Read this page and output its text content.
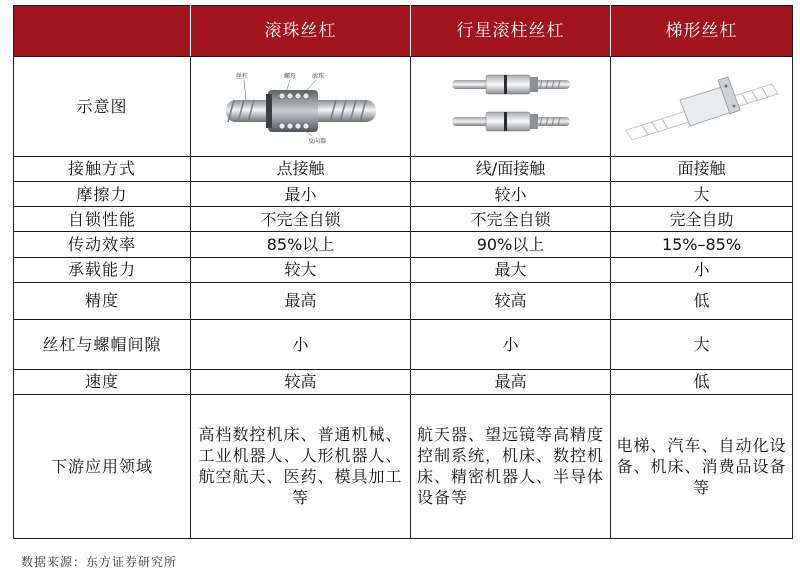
	滚珠丝杠	行星滚柱丝杠	梯形丝杠
示意图	丝杠 螺母 滚珠
反向器

接触方式	点接触	线/面接触	面接触
摩擦力	最小	较小	大
自锁性能	不完全自锁	不完全自锁	完全自助
传动效率	85%以上	90%以上	15%–85%
承载能力	较大	最大	小
精度	最高	较高	低
丝杠与螺帽间隙	小	小	大
速度	较高	最高	低
下游应用领域	高档数控机床、普通机械、工业机器人、人形机器人、航空航天、医药、模具加工等	航天器、望远镜等高精度控制系统，机床、数控机床、精密机器人、半导体设备等	电梯、汽车、自动化设备、机床、消费品设备等
数据来源：东方证券研究所
